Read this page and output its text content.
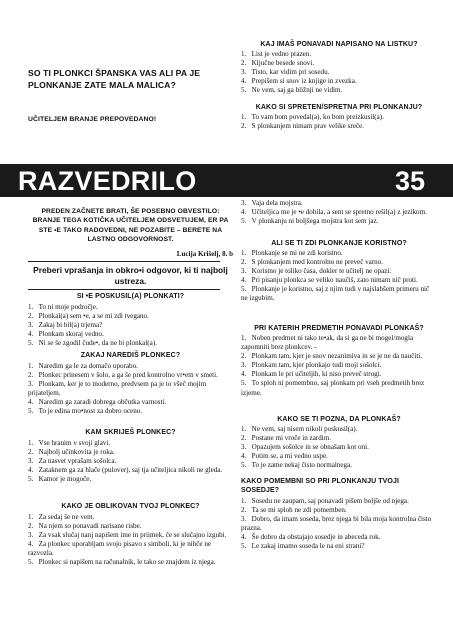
SO TI PLONKCI ŠPANSKA VAS ALI PA JE PLONKANJE ZATE MALA MALICA?
UČITELJEM BRANJE PREPOVEDANO!
RAZVEDRILO	35
PREDEN ZAČNETE BRATI, ŠE POSEBNO OBVESTILO: BRANJE TEGA KOTIČKA UČITELJEM ODSVETUJEM, ER PA STE •E TAKO RADOVEDNI, NE POZABITE – BERETE NA LASTNO ODGOVORNOST.
Lucija Krišelj, 8. b
Preberi vprašanja in obkro•i odgovor, ki ti najbolj ustreza.
SI •E POSKUSIL(A) PLONKATI?

1.   To ni moje področje.

2.   Plonkal(a) sem •e, a se mi zdi tvegano.

3.   Zakaj bi bil(a) trjema?

4.   Plonkam skoraj vedno.

5.   Ni se še zgodil čude•, da ne bi plonkal(a).

ZAKAJ NAREDIŠ PLONKEC?

1.   Naredim ga le za domačo uporabo.

2.   Plonkec prinesem v šolo, a ga še pred kontrolno vr•em v smeti.

3.   Plonkam, ker je to moderno, predvsem pa je to všeč mojim prijateljem.

4.   Naredim ga zaradi dobrega občutka varnosti.

5.   To je edina mo•nost za dobro oceno.

KAM SKRIJEŠ PLONKEC?

1.   Vse hranim v svoji glavi.

2.   Najbolj učinkovita je roka.

3.   Za nasvet vprašam sošolca.

4.   Zataknem ga za hlače (pulover), saj tja učiteljica nikoli ne gleda.

5.   Kamor je mogoče.

KAKO JE OBLIKOVAN TVOJ PLONKEC?

1.   Za sedaj še ne vem.

2.   Na njem so ponavadi narisane risbe.

3.   Za vsak slučaj nanj napišem ime in priimek, če se slučajno izgubi.

4.   Za plonkec uporabljam svojo pisavo s simboli, ki je nihče ne razvozla.

5.   Plonkec si napišem na računalnik, le tako se znajdem iz njega.

KAJ IMAŠ PONAVADI NAPISANO NA LISTKU?

1.   List je vedno prazen.

2.   Ključne besede snovi.

3.   Tisto, kar vidim pri sosedu.

4.   Prepišem si snov iz knjige in zvezka.

5.   Ne vem, saj ga bližnji ne vidim.

KAKO SI SPRETEN/SPRETNA PRI PLONKANJU?

1.   To vam bom povedal(a), ko bom preizkusil(a).

2.   S plonkanjem nimam prav velike sreče.

3.   Vaja dela mojstra.

4.   Učiteljica me je •e dobila, a sem se spretno rešil(a) z jezikom.

5.   V plonkanju ni boljšega mojstra kot sem jaz.

ALI SE TI ZDI PLONKANJE KORISTNO?

1.   Plonkanje se mi ne zdi koristno.

2.   S plonkanjem med kontrolno ne preveč varno.

3.   Koristno je toliko časa, dokler te učitelj ne opazi.

4.   Pri pisanju plonkca se veliko naučiš, zato nimam nič proti.

5.   Plonkanje je koristno, saj z njim tudi v najslabšem primeru nič ne izgubim.

PRI KATERIH PREDMETIH PONAVADI PLONKAŠ?

1.   Noben predmet ni tako te•ak, da si ga ne bi mogel/mogla zapomniti brez plonkcev. -

2.   Plonkam tam, kjer je snov nezanimiva in se je ne da naučiti.

3.   Plonkam tam, kjer plonkajo tudi moji sošolci.

4.   Plonkam le pri učiteljih, ki niso preveč strogi.

5.   To sploh ni pomembno, saj plonkam pri vseh predmetih brez izjeme.

KAKO SE TI POZNA, DA PLONKAŠ?

1.   Ne vem, saj nisem nikoli poskusil(a).

2.   Postane mi vroče in zardim.

3.   Opazujem sošolce in se obnašam kot oni.

4.   Potim se, a mi vedno uspe.

5.   To je zame nekaj čisto normalnega.

KAKO POMEMBNI SO PRI PLONKANJU TVOJI SOSEDJE?

1.   Sosedu ne zaupam, saj ponavadi pišem boljše od njega.

2.   Ta se mi sploh ne zdi pomemben.

3.   Dobro, da imam soseda, brez njega bi bila moja kontrolna čisto prazna.

4.   Še dobro da obstajajo sosedje in abeceda rok.

5.   Le zakaj imamo soseda le na eni strani?
